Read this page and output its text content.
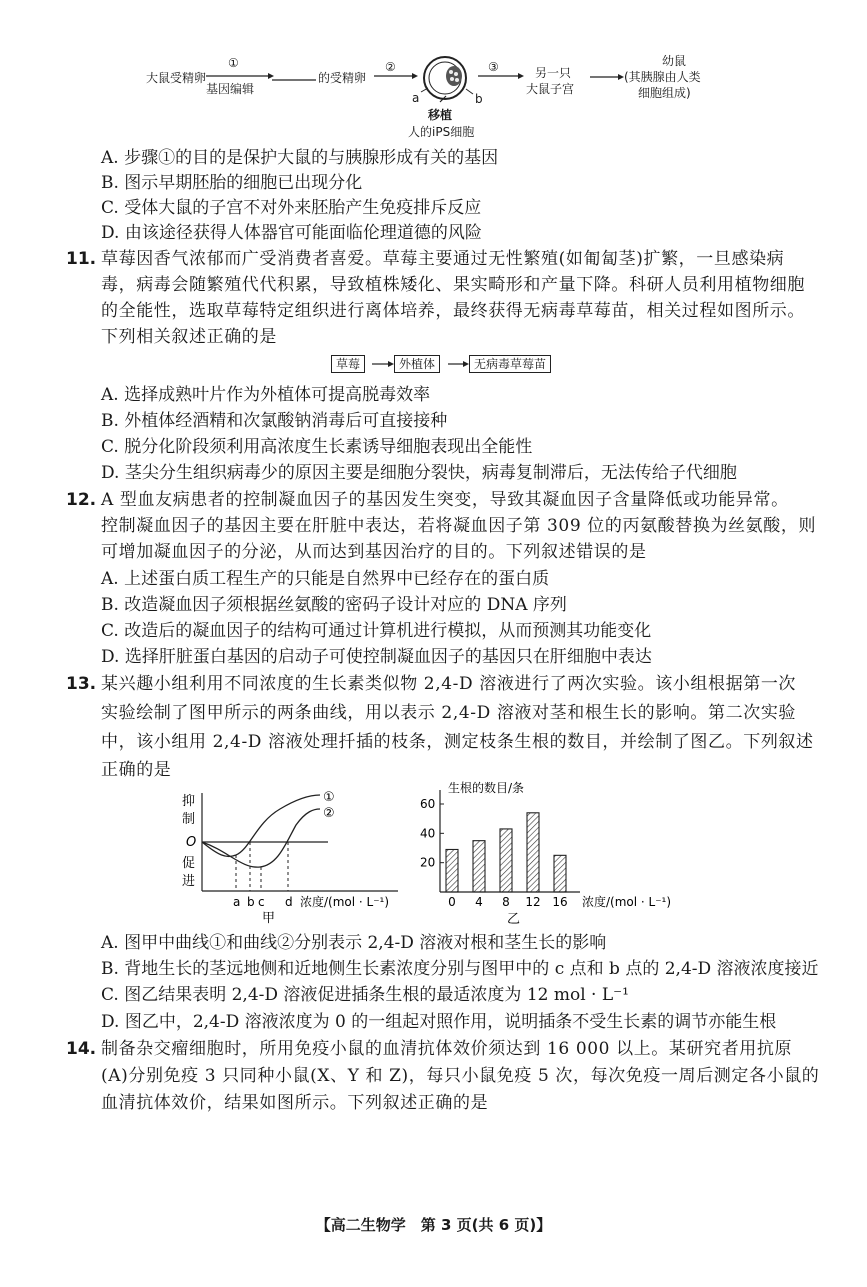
大鼠受精卵
①
基因编辑
的受精卵
②	③	另一只
大鼠子宫
幼鼠
(其胰腺由人类
细胞组成)
a	b
移植
人的iPS细胞
A. 步骤①的目的是保护大鼠的与胰腺形成有关的基因
B. 图示早期胚胎的细胞已出现分化
C. 受体大鼠的子宫不对外来胚胎产生免疫排斥反应
D. 由该途径获得人体器官可能面临伦理道德的风险
11. 草莓因香气浓郁而广受消费者喜爱。草莓主要通过无性繁殖(如匍匐茎)扩繁，一旦感染病
毒，病毒会随繁殖代代积累，导致植株矮化、果实畸形和产量下降。科研人员利用植物细胞
的全能性，选取草莓特定组织进行离体培养，最终获得无病毒草莓苗，相关过程如图所示。
下列相关叙述正确的是
草莓	外植体	无病毒草莓苗
A. 选择成熟叶片作为外植体可提高脱毒效率
B. 外植体经酒精和次氯酸钠消毒后可直接接种
C. 脱分化阶段须利用高浓度生长素诱导细胞表现出全能性
D. 茎尖分生组织病毒少的原因主要是细胞分裂快，病毒复制滞后，无法传给子代细胞
12. A 型血友病患者的控制凝血因子的基因发生突变，导致其凝血因子含量降低或功能异常。
控制凝血因子的基因主要在肝脏中表达，若将凝血因子第 309 位的丙氨酸替换为丝氨酸，则
可增加凝血因子的分泌，从而达到基因治疗的目的。下列叙述错误的是
A. 上述蛋白质工程生产的只能是自然界中已经存在的蛋白质
B. 改造凝血因子须根据丝氨酸的密码子设计对应的 DNA 序列
C. 改造后的凝血因子的结构可通过计算机进行模拟，从而预测其功能变化
D. 选择肝脏蛋白基因的启动子可使控制凝血因子的基因只在肝细胞中表达
13. 某兴趣小组利用不同浓度的生长素类似物 2,4-D 溶液进行了两次实验。该小组根据第一次
实验绘制了图甲所示的两条曲线，用以表示 2,4-D 溶液对茎和根生长的影响。第二次实验
中，该小组用 2,4-D 溶液处理扦插的枝条，测定枝条生根的数目，并绘制了图乙。下列叙述
正确的是
抑
制
O
促
进
a b c d 浓度/(mol · L⁻¹)
甲
①
②
生根的数目/条
20
40
60
0 4 8 12 16 浓度/(mol · L⁻¹)
乙
A. 图甲中曲线①和曲线②分别表示 2,4-D 溶液对根和茎生长的影响
B. 背地生长的茎远地侧和近地侧生长素浓度分别与图甲中的 c 点和 b 点的 2,4-D 溶液浓度接近
C. 图乙结果表明 2,4-D 溶液促进插条生根的最适浓度为 12 mol · L⁻¹
D. 图乙中，2,4-D 溶液浓度为 0 的一组起对照作用，说明插条不受生长素的调节亦能生根
14. 制备杂交瘤细胞时，所用免疫小鼠的血清抗体效价须达到 16 000 以上。某研究者用抗原
(A)分别免疫 3 只同种小鼠(X、Y 和 Z)，每只小鼠免疫 5 次，每次免疫一周后测定各小鼠的
血清抗体效价，结果如图所示。下列叙述正确的是
【高二生物学　第 3 页(共 6 页)】
